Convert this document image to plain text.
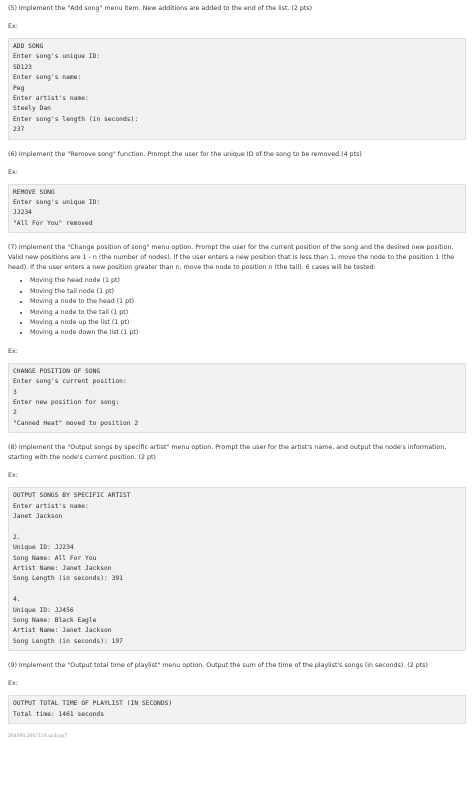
(5) Implement the "Add song" menu item. New additions are added to the end of the list. (2 pts)

Ex:

ADD SONG
Enter song's unique ID:
SD123
Enter song's name:
Peg
Enter artist's name:
Steely Dan
Enter song's length (in seconds):
237

(6) Implement the "Remove song" function. Prompt the user for the unique ID of the song to be removed.(4 pts)

Ex:

REMOVE SONG
Enter song's unique ID:
JJ234
"All For You" removed

(7) Implement the "Change position of song" menu option. Prompt the user for the current position of the song and the desired new position. Valid new positions are 1 - n (the number of nodes). If the user enters a new position that is less than 1, move the node to the position 1 (the head). If the user enters a new position greater than n, move the node to position n (the tail). 6 cases will be tested:

• Moving the head node (1 pt)
• Moving the tail node (1 pt)
• Moving a node to the head (1 pt)
• Moving a node to the tail (1 pt)
• Moving a node up the list (1 pt)
• Moving a node down the list (1 pt)

Ex:

CHANGE POSITION OF SONG
Enter song's current position:
3
Enter new position for song:
2
"Canned Heat" moved to position 2

(8) Implement the "Output songs by specific artist" menu option. Prompt the user for the artist's name, and output the node's information, starting with the node's current position. (2 pt)

Ex:

OUTPUT SONGS BY SPECIFIC ARTIST
Enter artist's name:
Janet Jackson
2.
Unique ID: JJ234
Song Name: All For You
Artist Name: Janet Jackson
Song Length (in seconds): 391
4.
Unique ID: JJ456
Song Name: Black Eagle
Artist Name: Janet Jackson
Song Length (in seconds): 197

(9) Implement the "Output total time of playlist" menu option. Output the sum of the time of the playlist's songs (in seconds). (2 pts)

Ex:

OUTPUT TOTAL TIME OF PLAYLIST (IN SECONDS)
Total time: 1461 seconds
264090.2007154.qx3zqy7
